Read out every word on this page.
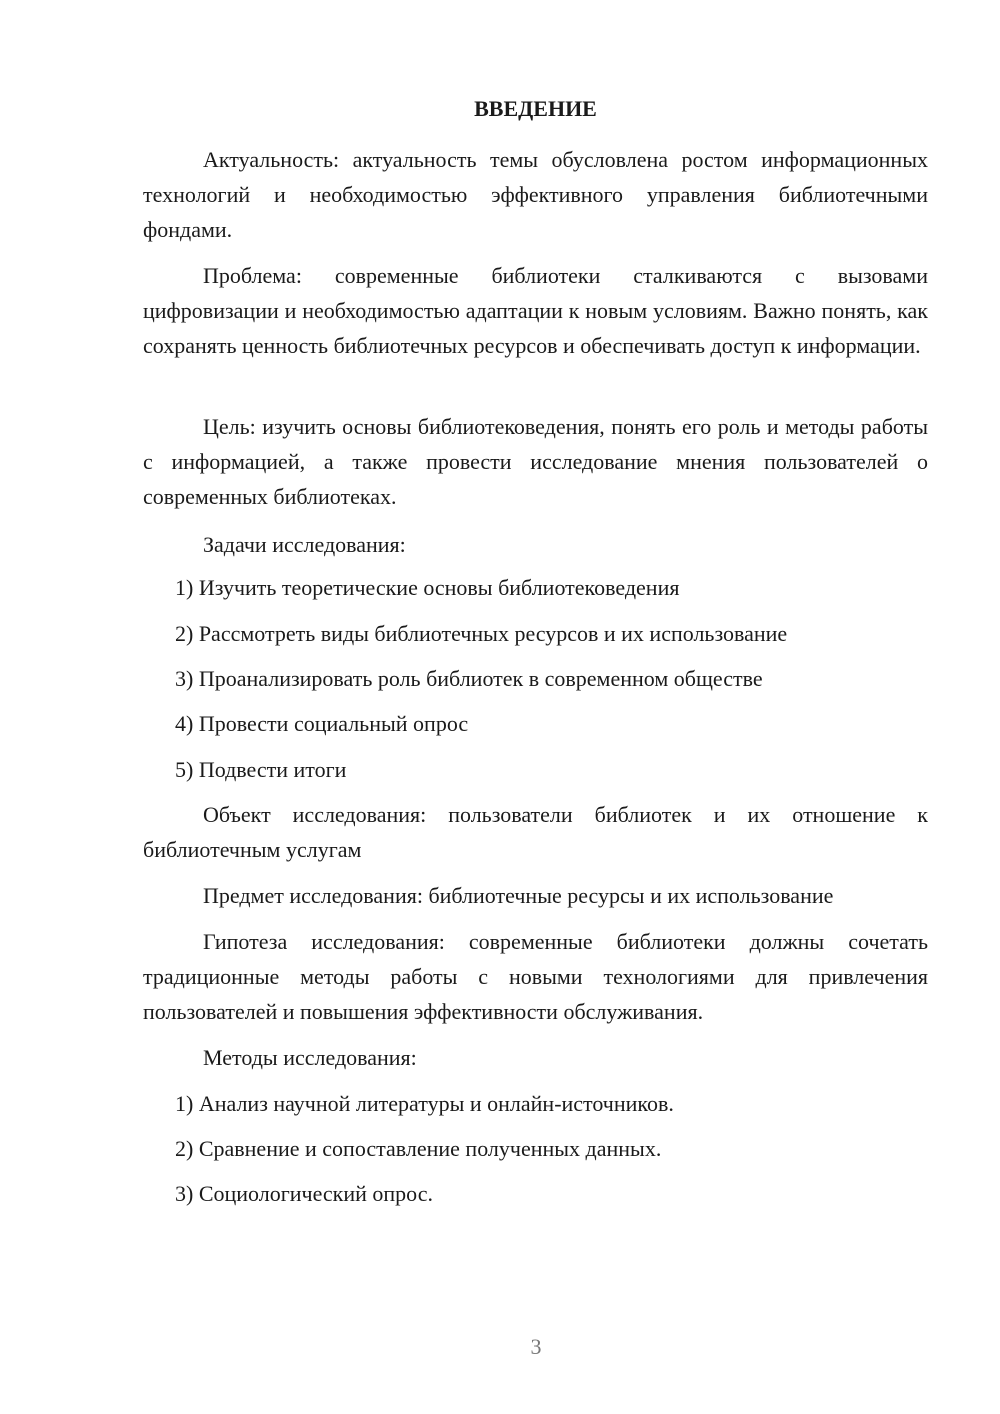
ВВЕДЕНИЕ

Актуальность: актуальность темы обусловлена ростом информационных технологий и необходимостью эффективного управления библиотечными фондами.

Проблема: современные библиотеки сталкиваются с вызовами цифровизации и необходимостью адаптации к новым условиям. Важно понять, как сохранять ценность библиотечных ресурсов и обеспечивать доступ к информации.

Цель: изучить основы библиотековедения, понять его роль и методы работы с информацией, а также провести исследование мнения пользователей о современных библиотеках.

Задачи исследования:

1) Изучить теоретические основы библиотековедения

2) Рассмотреть виды библиотечных ресурсов и их использование

3) Проанализировать роль библиотек в современном обществе

4) Провести социальный опрос

5) Подвести итоги

Объект исследования: пользователи библиотек и их отношение к библиотечным услугам

Предмет исследования: библиотечные ресурсы и их использование

Гипотеза исследования: современные библиотеки должны сочетать традиционные методы работы с новыми технологиями для привлечения пользователей и повышения эффективности обслуживания.

Методы исследования:

1) Анализ научной литературы и онлайн-источников.

2) Сравнение и сопоставление полученных данных.

3) Социологический опрос.

3
